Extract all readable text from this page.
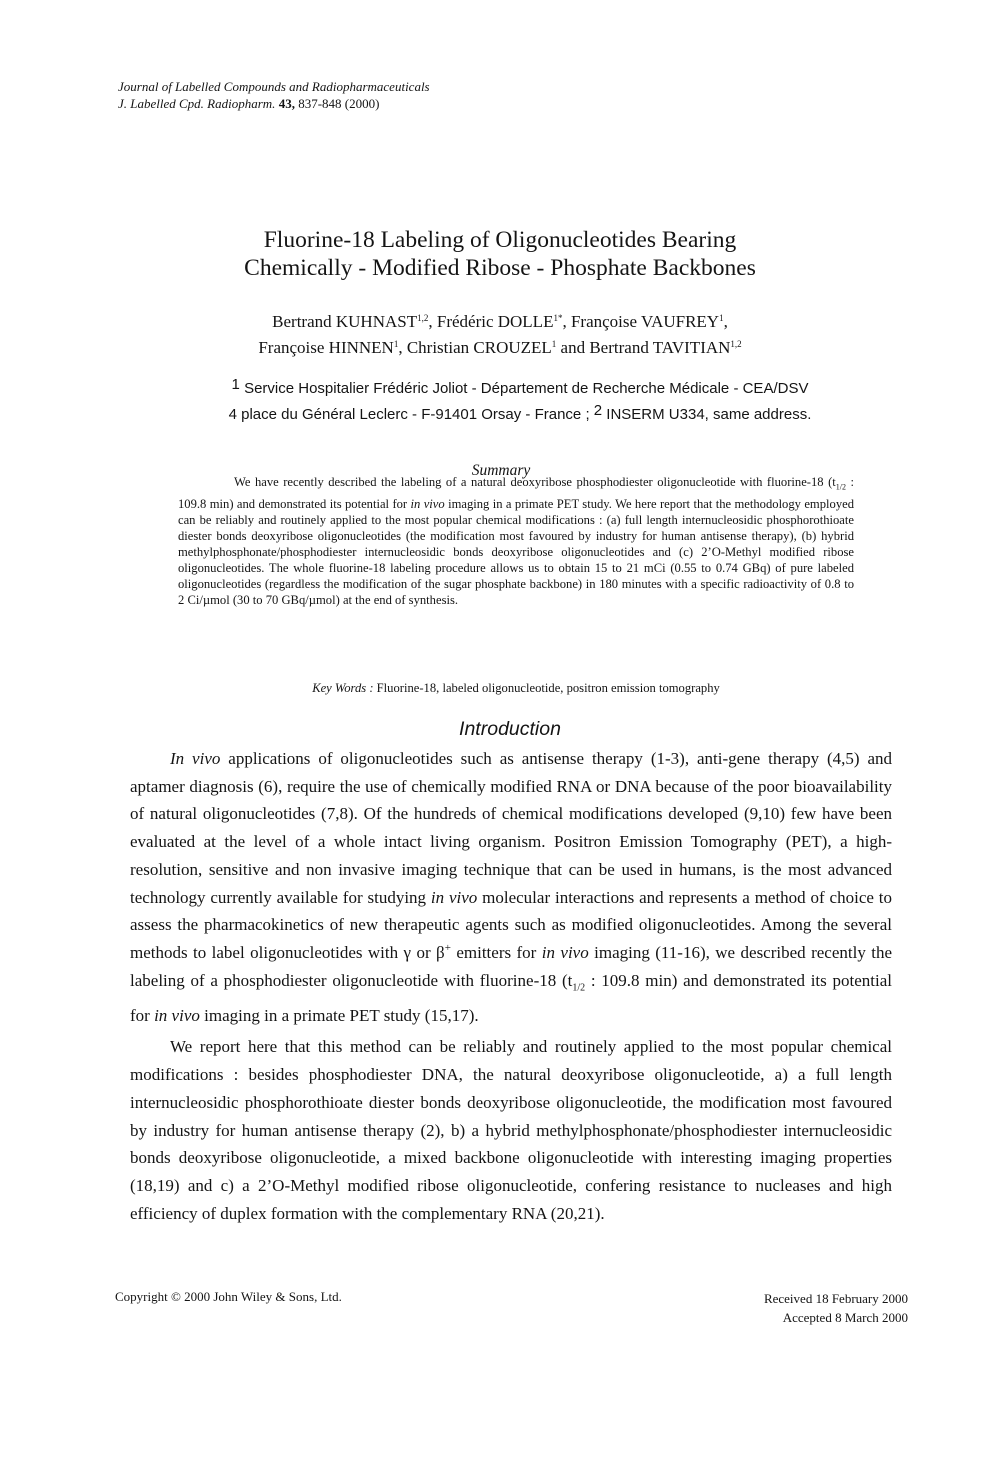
Journal of Labelled Compounds and Radiopharmaceuticals
J. Labelled Cpd. Radiopharm. 43, 837-848 (2000)
Fluorine-18 Labeling of Oligonucleotides Bearing
Chemically - Modified Ribose - Phosphate Backbones
Bertrand KUHNAST$^{1,2}$, Frédéric $DOLLE^{1*}$, Françoise VAUFREY$^1$,
Françoise HINNEN$^1$, Christian CROUZEL$^1$ and Bertrand TAVITIAN$^{1,2}$
1 Service Hospitalier Frédéric Joliot - Département de Recherche Médicale - CEA/DSV
4 place du Général Leclerc - F-91401 Orsay - France ; 2 INSERM U334, same address.
Summary

We have recently described the labeling of a natural deoxyribose phosphodiester oligonucleotide with fluorine-18 ($t_{1/2}$ : 109.8 min) and demonstrated its potential for in vivo imaging in a primate PET study. We here report that the methodology employed can be reliably and routinely applied to the most popular chemical modifications : (a) full length internucleosidic phosphorothioate diester bonds deoxyribose oligonucleotides (the modification most favoured by industry for human antisense therapy), (b) hybrid methylphosphonate/phosphodiester internucleosidic bonds deoxyribose oligonucleotides and (c) 2’O-Methyl modified ribose oligonucleotides. The whole fluorine-18 labeling procedure allows us to obtain 15 to 21 mCi (0.55 to 0.74 GBq) of pure labeled oligonucleotides (regardless the modification of the sugar phosphate backbone) in 180 minutes with a specific radioactivity of 0.8 to 2 Ci/µmol (30 to 70 GBq/µmol) at the end of synthesis.

Key Words : Fluorine-18, labeled oligonucleotide, positron emission tomography
Introduction

In vivo applications of oligonucleotides such as antisense therapy (1-3), anti-gene therapy (4,5) and aptamer diagnosis (6), require the use of chemically modified RNA or DNA because of the poor bioavailability of natural oligonucleotides (7,8). Of the hundreds of chemical modifications developed (9,10) few have been evaluated at the level of a whole intact living organism. Positron Emission Tomography (PET), a high-resolution, sensitive and non invasive imaging technique that can be used in humans, is the most advanced technology currently available for studying in vivo molecular interactions and represents a method of choice to assess the pharmacokinetics of new therapeutic agents such as modified oligonucleotides. Among the several methods to label oligonucleotides with γ or β+ emitters for in vivo imaging (11-16), we described recently the labeling of a phosphodiester oligonucleotide with fluorine-18 ($t_{1/2}$ : 109.8 min) and demonstrated its potential for in vivo imaging in a primate PET study (15,17).

We report here that this method can be reliably and routinely applied to the most popular chemical modifications : besides phosphodiester DNA, the natural deoxyribose oligonucleotide, a) a full length internucleosidic phosphorothioate diester bonds deoxyribose oligonucleotide, the modification most favoured by industry for human antisense therapy (2), b) a hybrid methylphosphonate/phosphodiester internucleosidic bonds deoxyribose oligonucleotide, a mixed backbone oligonucleotide with interesting imaging properties (18,19) and c) a 2’O-Methyl modified ribose oligonucleotide, confering resistance to nucleases and high efficiency of duplex formation with the complementary RNA (20,21).

Copyright © 2000 John Wiley & Sons, Ltd.	Received 18 February 2000
Accepted 8 March 2000
